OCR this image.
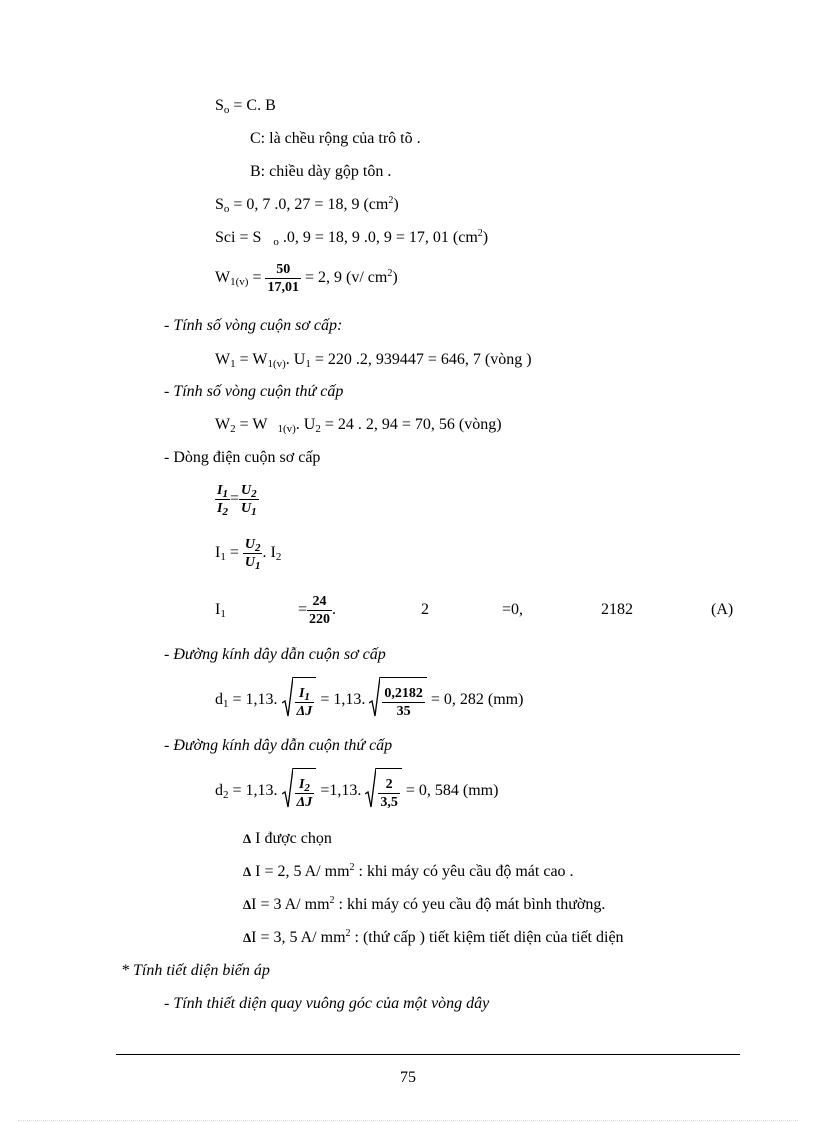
$S_o = C$. B
C: là chều rộng của trô tõ .
B: chiều dày gộp tôn .
$S_o = 0$, 7 .0, 27 = 18, 9 $(cm^2)$
Sci = S $_o$ .0, 9 = 18, 9 .0, 9 = 17, 01 $(cm^2)$
$W_{1(v)} = \frac{50}{17,01} = 2$, 9 (v/ $cm^2$)
- Tính số vòng cuộn sơ cấp:
$W_1 = W_{1(v)}$. $U_1 = 220$ .2, 939447 = 646, 7 (vòng )
- Tính số vòng cuộn thứ cấp
$W_2 = W$ $_{1(v)}$. $U_2 = 24$ . 2, 94 = 70, 56 (vòng)
- Dòng điện cuộn sơ cấp
$\frac{I_1}{I_2} = \frac{U_2}{U_1}$
$I_1 = \frac{U_2}{U_1}$ . $I_2$
$I_1$	= $\frac{24}{220}$ .	2	=0,	2182	(A)
- Đường kính dây dẫn cuộn sơ cấp
$d_1 = 1,13$. $\frac{I_1}{\Delta J} = 1,13$. $\frac{0,2182}{35} = 0$, 282 (mm)
- Đường kính dây dẫn cuộn thứ cấp
$d_2 = 1,13$. $\frac{I_2}{\Delta J} =1,13$. $\frac{2}{3,5} = 0$, 584 (mm)
Δ I được chọn
Δ I = 2, 5 A/ $mm^2$ : khi máy có yêu cầu độ mát cao .
ΔI = 3 A/ $mm^2$ : khi máy có yeu cầu độ mát bình thường.
ΔI = 3, 5 A/ $mm^2$ : (thứ cấp ) tiết kiệm tiết diện của tiết diện
* Tính tiết diện biến áp
- Tính thiết diện quay vuông góc của một vòng dây
75
